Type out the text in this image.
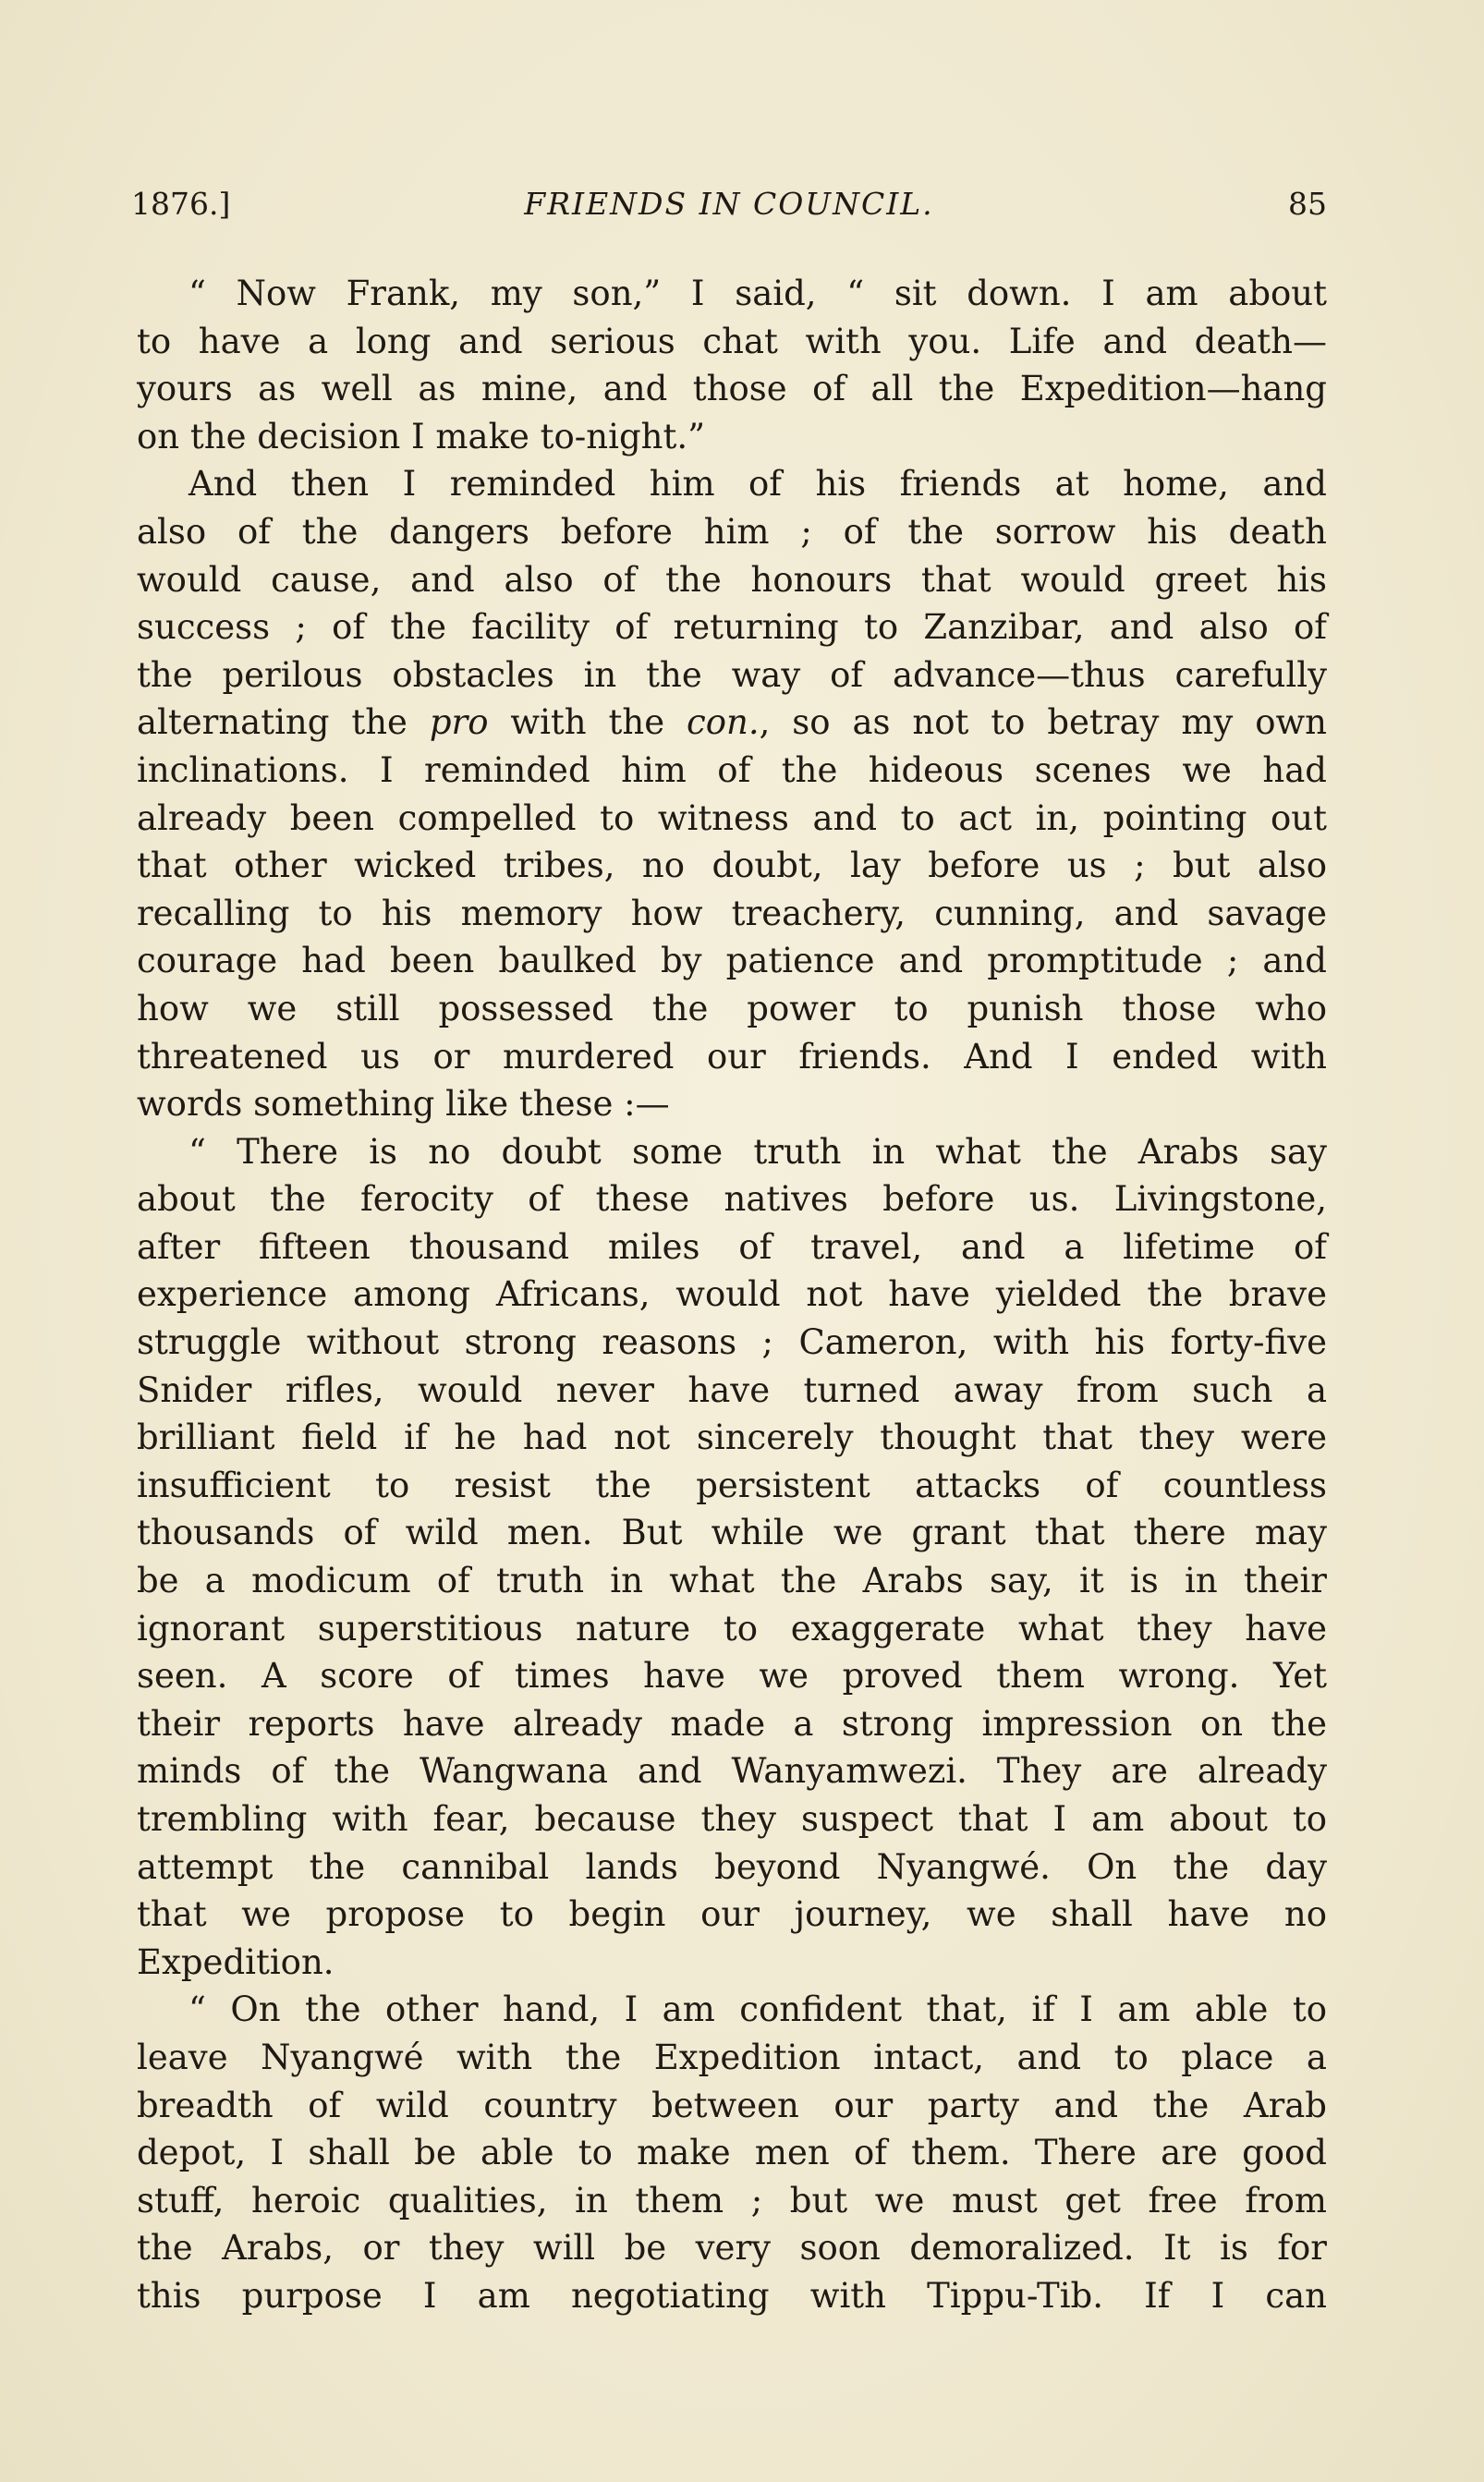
1876.]	FRIENDS IN COUNCIL.	85
“ Now Frank, my son,” I said, “ sit down. I am about
to have a long and serious chat with you. Life and death—
yours as well as mine, and those of all the Expedition—hang
on the decision I make to-night.”
And then I reminded him of his friends at home, and
also of the dangers before him ; of the sorrow his death
would cause, and also of the honours that would greet his
success ; of the facility of returning to Zanzibar, and also of
the perilous obstacles in the way of advance—thus carefully
alternating the pro with the con., so as not to betray my own
inclinations. I reminded him of the hideous scenes we had
already been compelled to witness and to act in, pointing out
that other wicked tribes, no doubt, lay before us ; but also
recalling to his memory how treachery, cunning, and savage
courage had been baulked by patience and promptitude ; and
how we still possessed the power to punish those who
threatened us or murdered our friends. And I ended with
words something like these :—
“ There is no doubt some truth in what the Arabs say
about the ferocity of these natives before us. Livingstone,
after fifteen thousand miles of travel, and a lifetime of
experience among Africans, would not have yielded the brave
struggle without strong reasons ; Cameron, with his forty-five
Snider rifles, would never have turned away from such a
brilliant field if he had not sincerely thought that they were
insufficient to resist the persistent attacks of countless
thousands of wild men. But while we grant that there may
be a modicum of truth in what the Arabs say, it is in their
ignorant superstitious nature to exaggerate what they have
seen. A score of times have we proved them wrong. Yet
their reports have already made a strong impression on the
minds of the Wangwana and Wanyamwezi. They are already
trembling with fear, because they suspect that I am about to
attempt the cannibal lands beyond Nyangwé. On the day
that we propose to begin our journey, we shall have no
Expedition.
“ On the other hand, I am confident that, if I am able to
leave Nyangwé with the Expedition intact, and to place a
breadth of wild country between our party and the Arab
depot, I shall be able to make men of them. There are good
stuff, heroic qualities, in them ; but we must get free from
the Arabs, or they will be very soon demoralized. It is for
this purpose I am negotiating with Tippu-Tib. If I can
